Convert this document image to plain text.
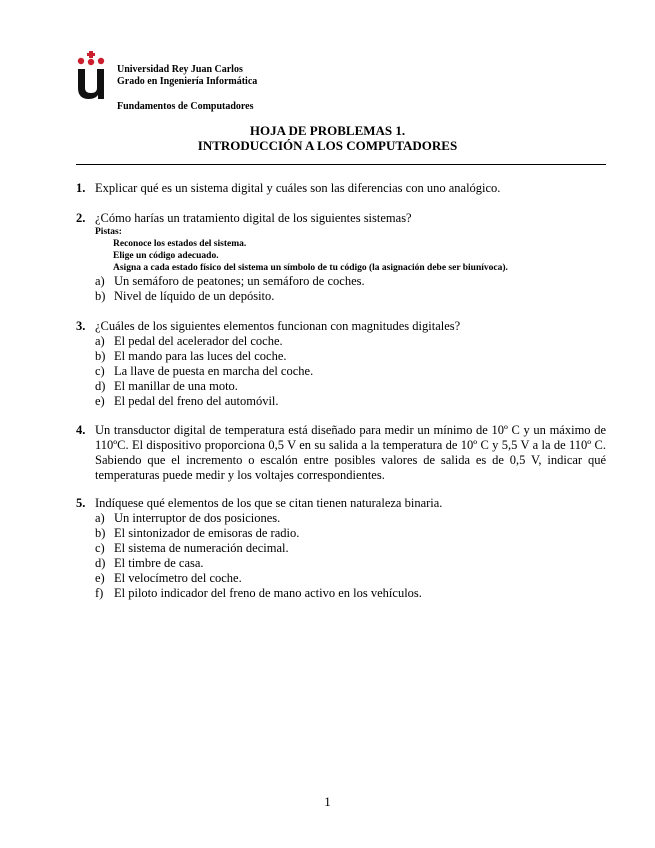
Universidad Rey Juan Carlos
Grado en Ingeniería Informática
Fundamentos de Computadores
HOJA DE PROBLEMAS 1.
INTRODUCCIÓN A LOS COMPUTADORES
1. Explicar qué es un sistema digital y cuáles son las diferencias con uno analógico.
2. ¿Cómo harías un tratamiento digital de los siguientes sistemas?
Pistas:
Reconoce los estados del sistema.
Elige un código adecuado.
Asigna a cada estado físico del sistema un símbolo de tu código (la asignación debe ser biunívoca).
a) Un semáforo de peatones; un semáforo de coches.
b) Nivel de líquido de un depósito.
3. ¿Cuáles de los siguientes elementos funcionan con magnitudes digitales?
a) El pedal del acelerador del coche.
b) El mando para las luces del coche.
c) La llave de puesta en marcha del coche.
d) El manillar de una moto.
e) El pedal del freno del automóvil.
4. Un transductor digital de temperatura está diseñado para medir un mínimo de 10º C y un máximo de 110ºC. El dispositivo proporciona 0,5 V en su salida a la temperatura de 10º C y 5,5 V a la de 110º C. Sabiendo que el incremento o escalón entre posibles valores de salida es de 0,5 V, indicar qué temperaturas puede medir y los voltajes correspondientes.
5. Indíquese qué elementos de los que se citan tienen naturaleza binaria.
a) Un interruptor de dos posiciones.
b) El sintonizador de emisoras de radio.
c) El sistema de numeración decimal.
d) El timbre de casa.
e) El velocímetro del coche.
f) El piloto indicador del freno de mano activo en los vehículos.
1
